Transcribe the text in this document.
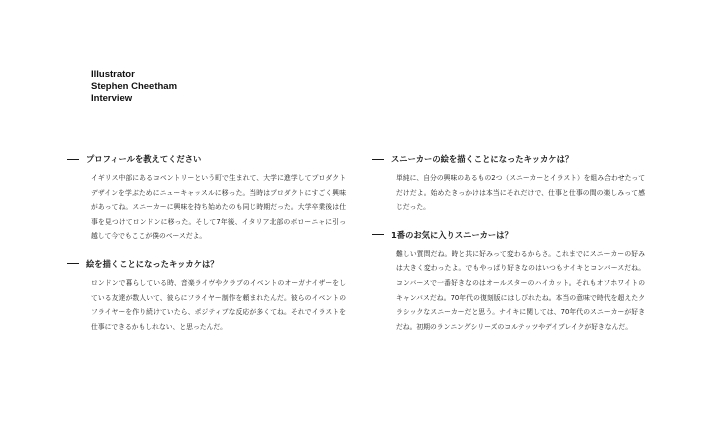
Illustrator
Stephen Cheetham
Interview
プロフィールを教えてください
イギリス中部にあるコベントリーという町で生まれて、大学に進学してプロダクトデザインを学ぶためにニューキャッスルに移った。当時はプロダクトにすごく興味があってね。スニーカーに興味を持ち始めたのも同じ時期だった。大学卒業後は仕事を見つけてロンドンに移った。そして7年後、イタリア北部のボローニャに引っ越して今でもここが僕のベースだよ。
絵を描くことになったキッカケは？
ロンドンで暮らしている時、音楽ライヴやクラブのイベントのオーガナイザーをしている友達が数人いて、彼らにフライヤー制作を頼まれたんだ。彼らのイベントのフライヤーを作り続けていたら、ポジティブな反応が多くてね。それでイラストを仕事にできるかもしれない、と思ったんだ。
スニーカーの絵を描くことになったキッカケは？
単純に、自分の興味のあるもの2つ（スニーカーとイラスト）を組み合わせたってだけだよ。始めたきっかけは本当にそれだけで、仕事と仕事の間の楽しみって感じだった。
1番のお気に入りスニーカーは？
難しい質問だね。時と共に好みって変わるからさ。これまでにスニーカーの好みは大きく変わったよ。でもやっぱり好きなのはいつもナイキとコンバースだね。コンバースで一番好きなのはオールスターのハイカット。それもオフホワイトのキャンバスだね。70年代の復刻版にはしびれたね。本当の意味で時代を超えたクラシックなスニーカーだと思う。ナイキに関しては、70年代のスニーカーが好きだね。初期のランニングシリーズのコルテッツやデイブレイクが好きなんだ。
